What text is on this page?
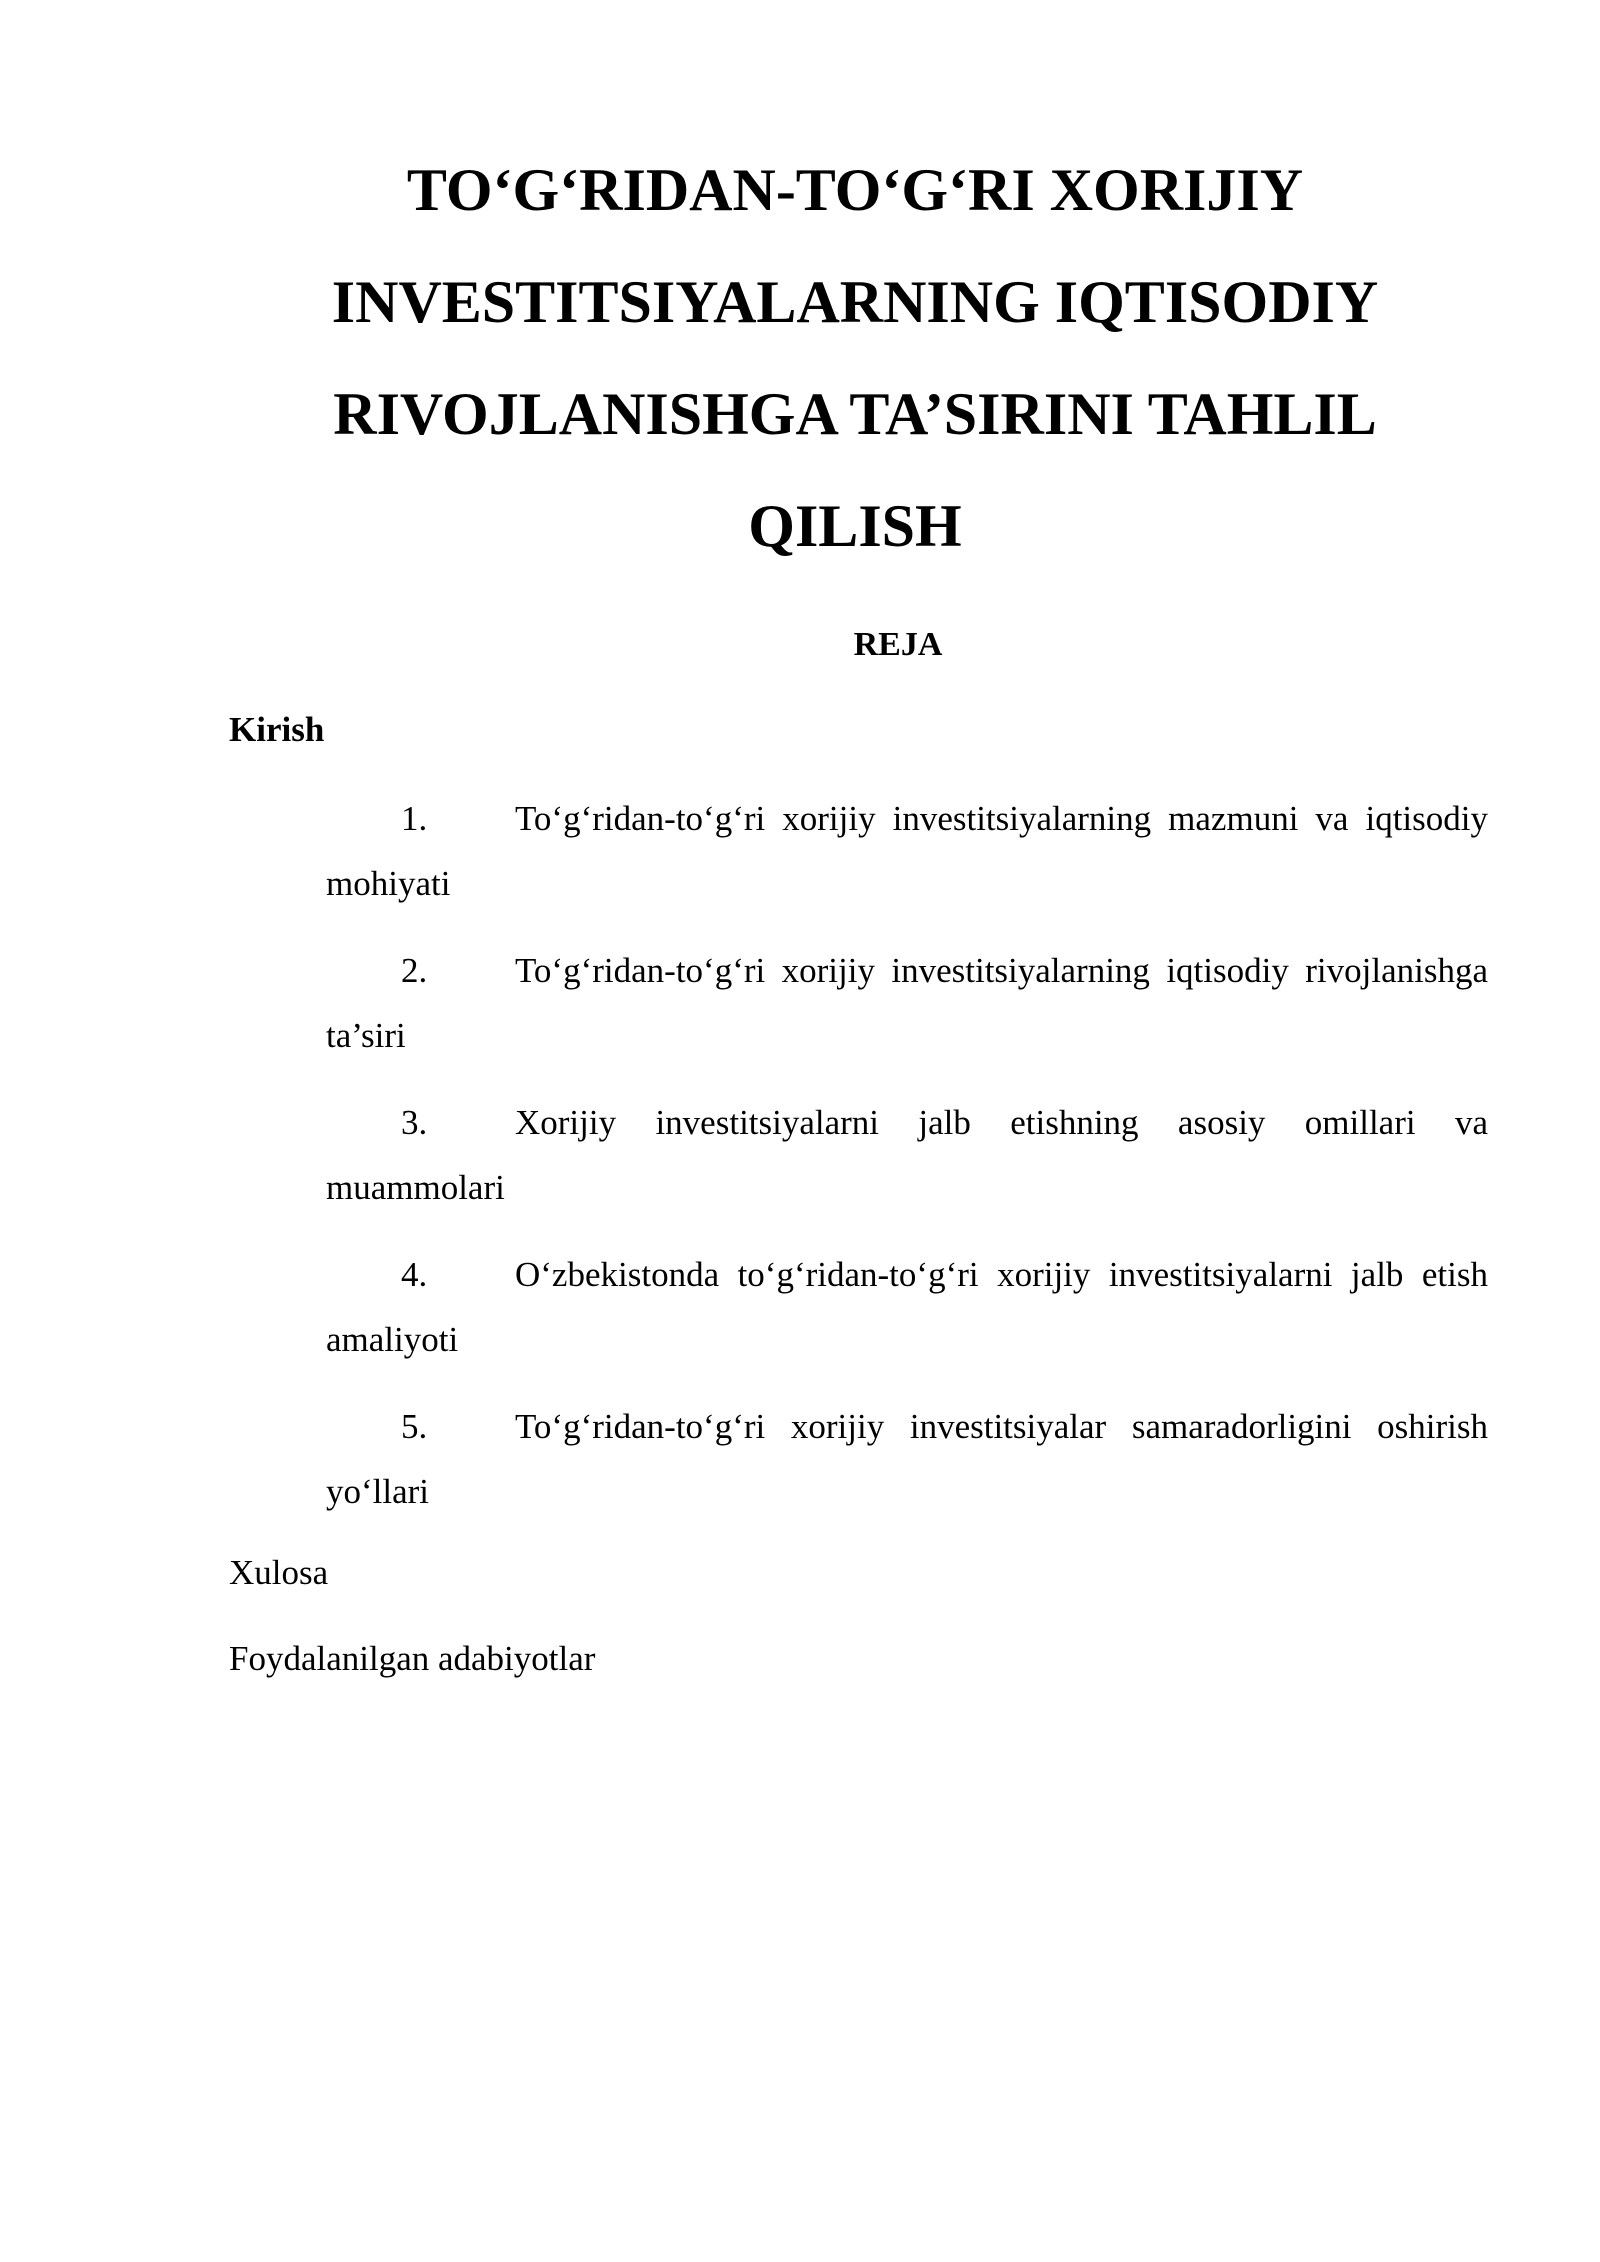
TO‘G‘RIDAN-TO‘G‘RI XORIJIY INVESTITSIYALARNING IQTISODIY RIVOJLANISHGA TA’SIRINI TAHLIL QILISH
REJA
Kirish
1.	To‘g‘ridan-to‘g‘ri xorijiy investitsiyalarning mazmuni va iqtisodiy mohiyati
2.	To‘g‘ridan-to‘g‘ri xorijiy investitsiyalarning iqtisodiy rivojlanishga ta’siri
3.	Xorijiy investitsiyalarni jalb etishning asosiy omillari va muammolari
4.	O‘zbekistonda to‘g‘ridan-to‘g‘ri xorijiy investitsiyalarni jalb etish amaliyoti
5.	To‘g‘ridan-to‘g‘ri xorijiy investitsiyalar samaradorligini oshirish yo‘llari
Xulosa
Foydalanilgan adabiyotlar
